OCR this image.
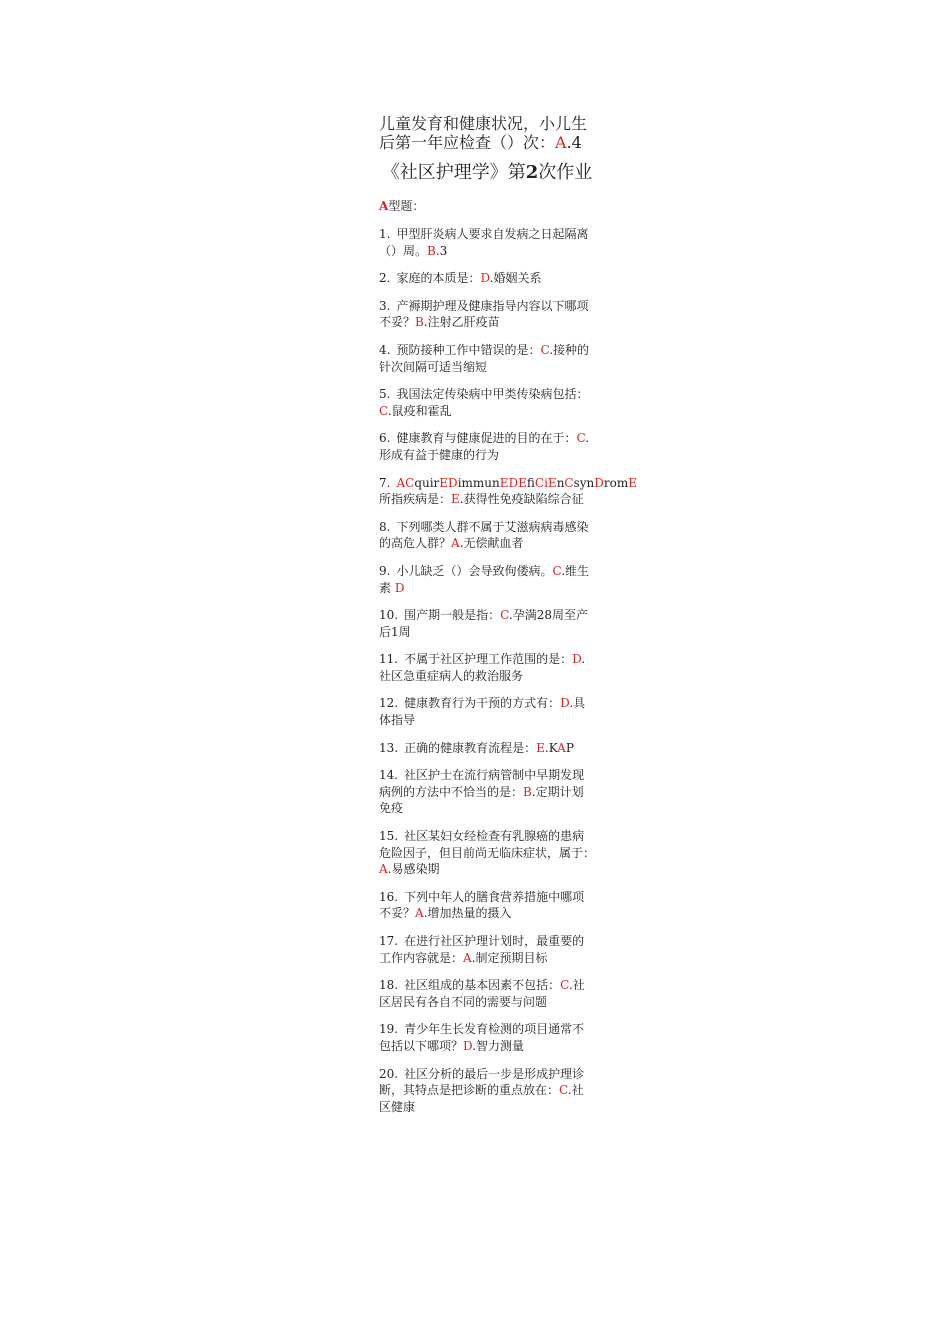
儿童发育和健康状况，小儿生后第一年应检查（）次：A.4

《社区护理学》第2次作业

A型题：

1. 甲型肝炎病人要求自发病之日起隔离（）周。B.3

2. 家庭的本质是：D.婚姻关系

3. 产褥期护理及健康指导内容以下哪项不妥？B.注射乙肝疫苗

4. 预防接种工作中错误的是：C.接种的针次间隔可适当缩短

5. 我国法定传染病中甲类传染病包括：C.鼠疫和霍乱

6. 健康教育与健康促进的目的在于：C.形成有益于健康的行为

7. ACquirEDimmunEDEfiCiEnCsynDromE所指疾病是：E.获得性免疫缺陷综合征

8. 下列哪类人群不属于艾滋病病毒感染的高危人群？A.无偿献血者

9. 小儿缺乏（）会导致佝偻病。C.维生素 D

10. 围产期一般是指：C.孕满28周至产后1周

11. 不属于社区护理工作范围的是：D.社区急重症病人的救治服务

12. 健康教育行为干预的方式有：D.具体指导

13. 正确的健康教育流程是：E.KAP

14. 社区护士在流行病管制中早期发现病例的方法中不恰当的是：B.定期计划免疫

15. 社区某妇女经检查有乳腺癌的患病危险因子，但目前尚无临床症状，属于：A.易感染期

16. 下列中年人的膳食营养措施中哪项不妥？A.增加热量的摄入

17. 在进行社区护理计划时，最重要的工作内容就是：A.制定预期目标

18. 社区组成的基本因素不包括：C.社区居民有各自不同的需要与问题

19. 青少年生长发育检测的项目通常不包括以下哪项？D.智力测量

20. 社区分析的最后一步是形成护理诊断，其特点是把诊断的重点放在：C.社区健康
